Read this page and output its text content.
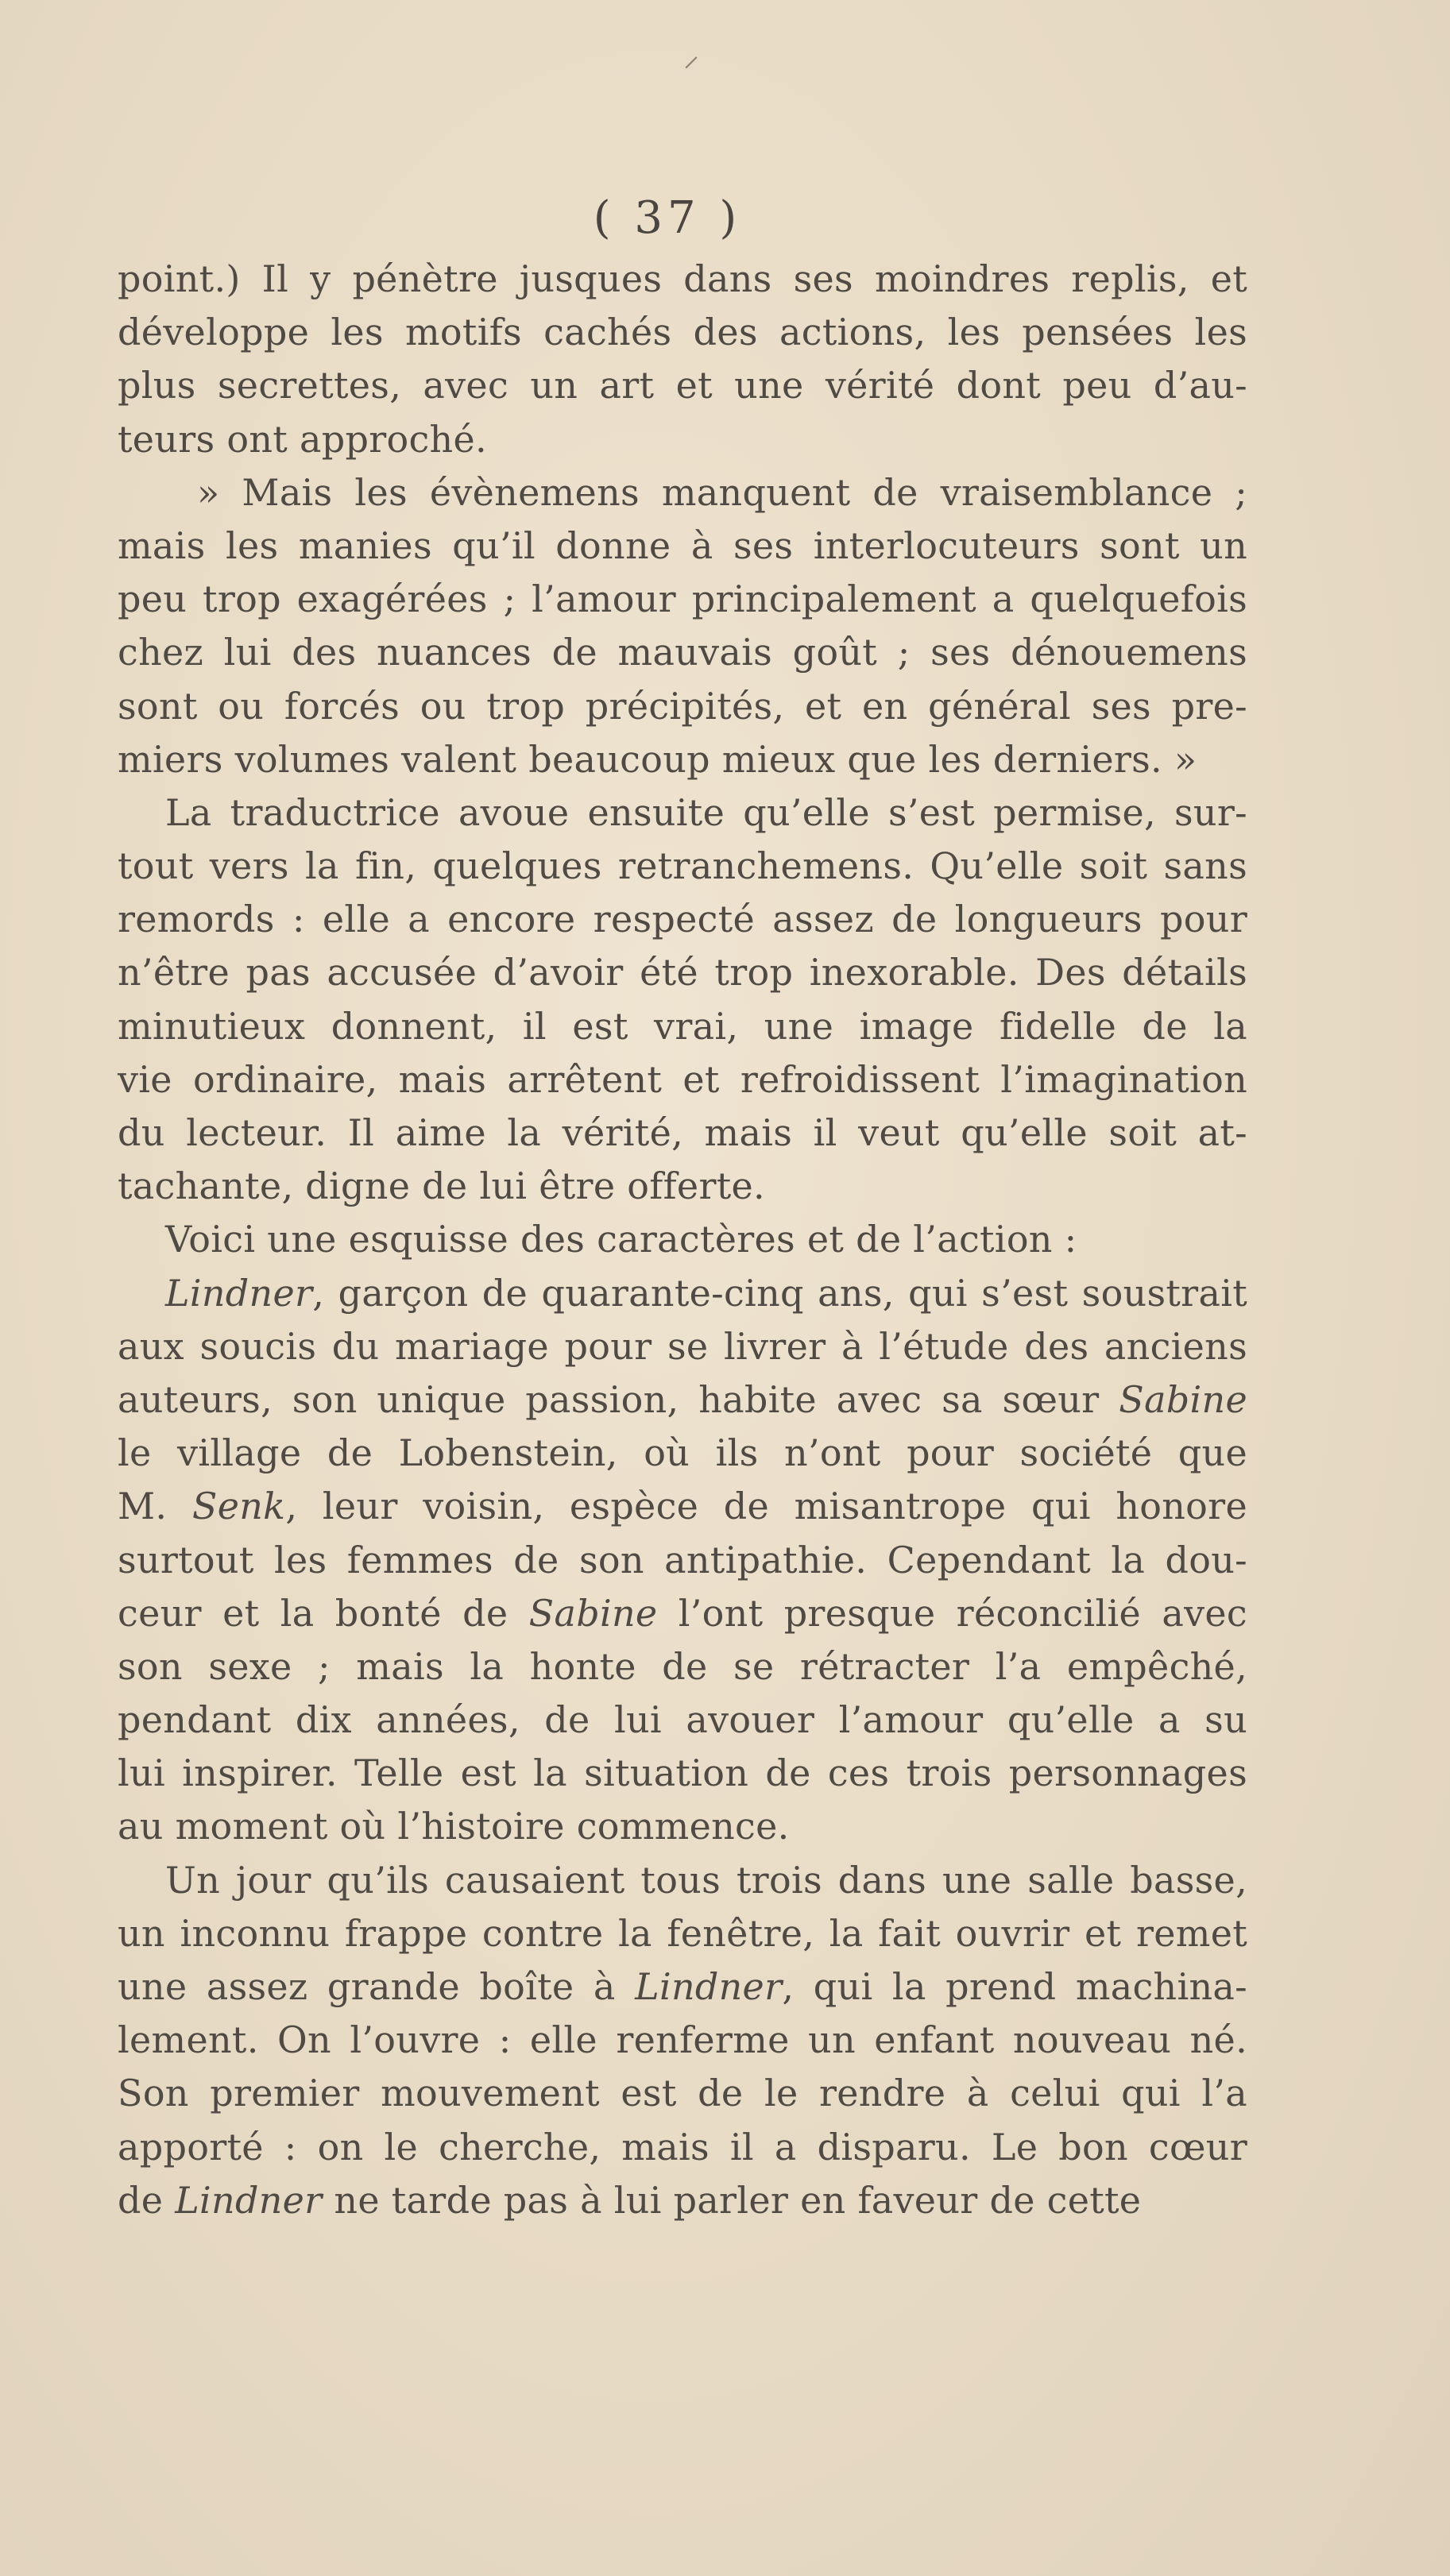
( 37 )
point.) Il y pénètre jusques dans ses moindres replis, et
développe les motifs cachés des actions, les pensées les
plus secrettes, avec un art et une vérité dont peu d’au-
teurs ont approché.
» Mais les évènemens manquent de vraisemblance ;
mais les manies qu’il donne à ses interlocuteurs sont un
peu trop exagérées ; l’amour principalement a quelquefois
chez lui des nuances de mauvais goût ; ses dénouemens
sont ou forcés ou trop précipités, et en général ses pre-
miers volumes valent beaucoup mieux que les derniers. »
La traductrice avoue ensuite qu’elle s’est permise, sur-
tout vers la fin, quelques retranchemens. Qu’elle soit sans
remords : elle a encore respecté assez de longueurs pour
n’être pas accusée d’avoir été trop inexorable. Des détails
minutieux donnent, il est vrai, une image fidelle de la
vie ordinaire, mais arrêtent et refroidissent l’imagination
du lecteur. Il aime la vérité, mais il veut qu’elle soit at-
tachante, digne de lui être offerte.
Voici une esquisse des caractères et de l’action :
Lindner, garçon de quarante-cinq ans, qui s’est soustrait
aux soucis du mariage pour se livrer à l’étude des anciens
auteurs, son unique passion, habite avec sa sœur Sabine
le village de Lobenstein, où ils n’ont pour société que
M. Senk, leur voisin, espèce de misantrope qui honore
surtout les femmes de son antipathie. Cependant la dou-
ceur et la bonté de Sabine l’ont presque réconcilié avec
son sexe ; mais la honte de se rétracter l’a empêché,
pendant dix années, de lui avouer l’amour qu’elle a su
lui inspirer. Telle est la situation de ces trois personnages
au moment où l’histoire commence.
Un jour qu’ils causaient tous trois dans une salle basse,
un inconnu frappe contre la fenêtre, la fait ouvrir et remet
une assez grande boîte à Lindner, qui la prend machina-
lement. On l’ouvre : elle renferme un enfant nouveau né.
Son premier mouvement est de le rendre à celui qui l’a
apporté : on le cherche, mais il a disparu. Le bon cœur
de Lindner ne tarde pas à lui parler en faveur de cette
⸝
